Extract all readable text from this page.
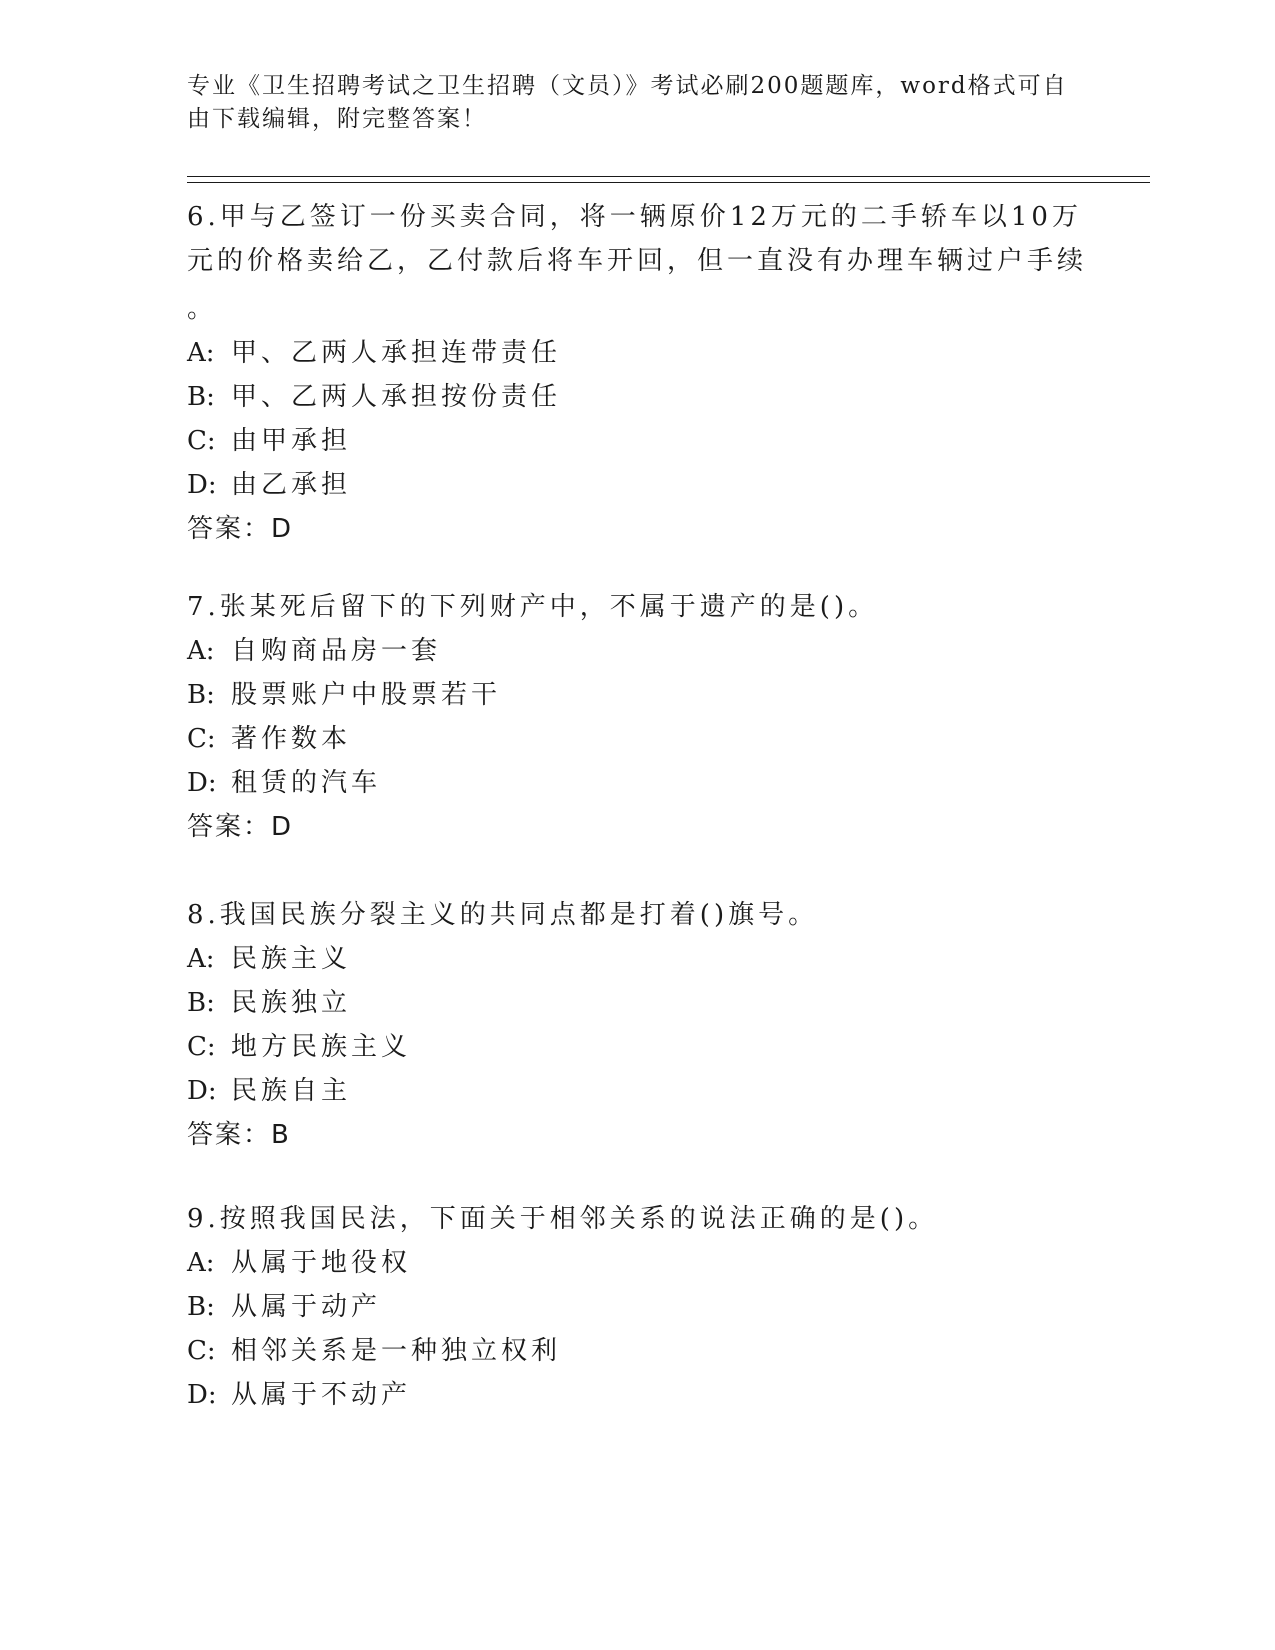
专业《卫生招聘考试之卫生招聘（文员）》考试必刷200题题库，word格式可自
由下载编辑，附完整答案！
6.甲与乙签订一份买卖合同，将一辆原价12万元的二手轿车以10万
元的价格卖给乙，乙付款后将车开回，但一直没有办理车辆过户手续
。
A: 甲、乙两人承担连带责任
B: 甲、乙两人承担按份责任
C: 由甲承担
D: 由乙承担
答案：D
7.张某死后留下的下列财产中，不属于遗产的是()。
A: 自购商品房一套
B: 股票账户中股票若干
C: 著作数本
D: 租赁的汽车
答案：D
8.我国民族分裂主义的共同点都是打着()旗号。
A: 民族主义
B: 民族独立
C: 地方民族主义
D: 民族自主
答案：B
9.按照我国民法，下面关于相邻关系的说法正确的是()。
A: 从属于地役权
B: 从属于动产
C: 相邻关系是一种独立权利
D: 从属于不动产
